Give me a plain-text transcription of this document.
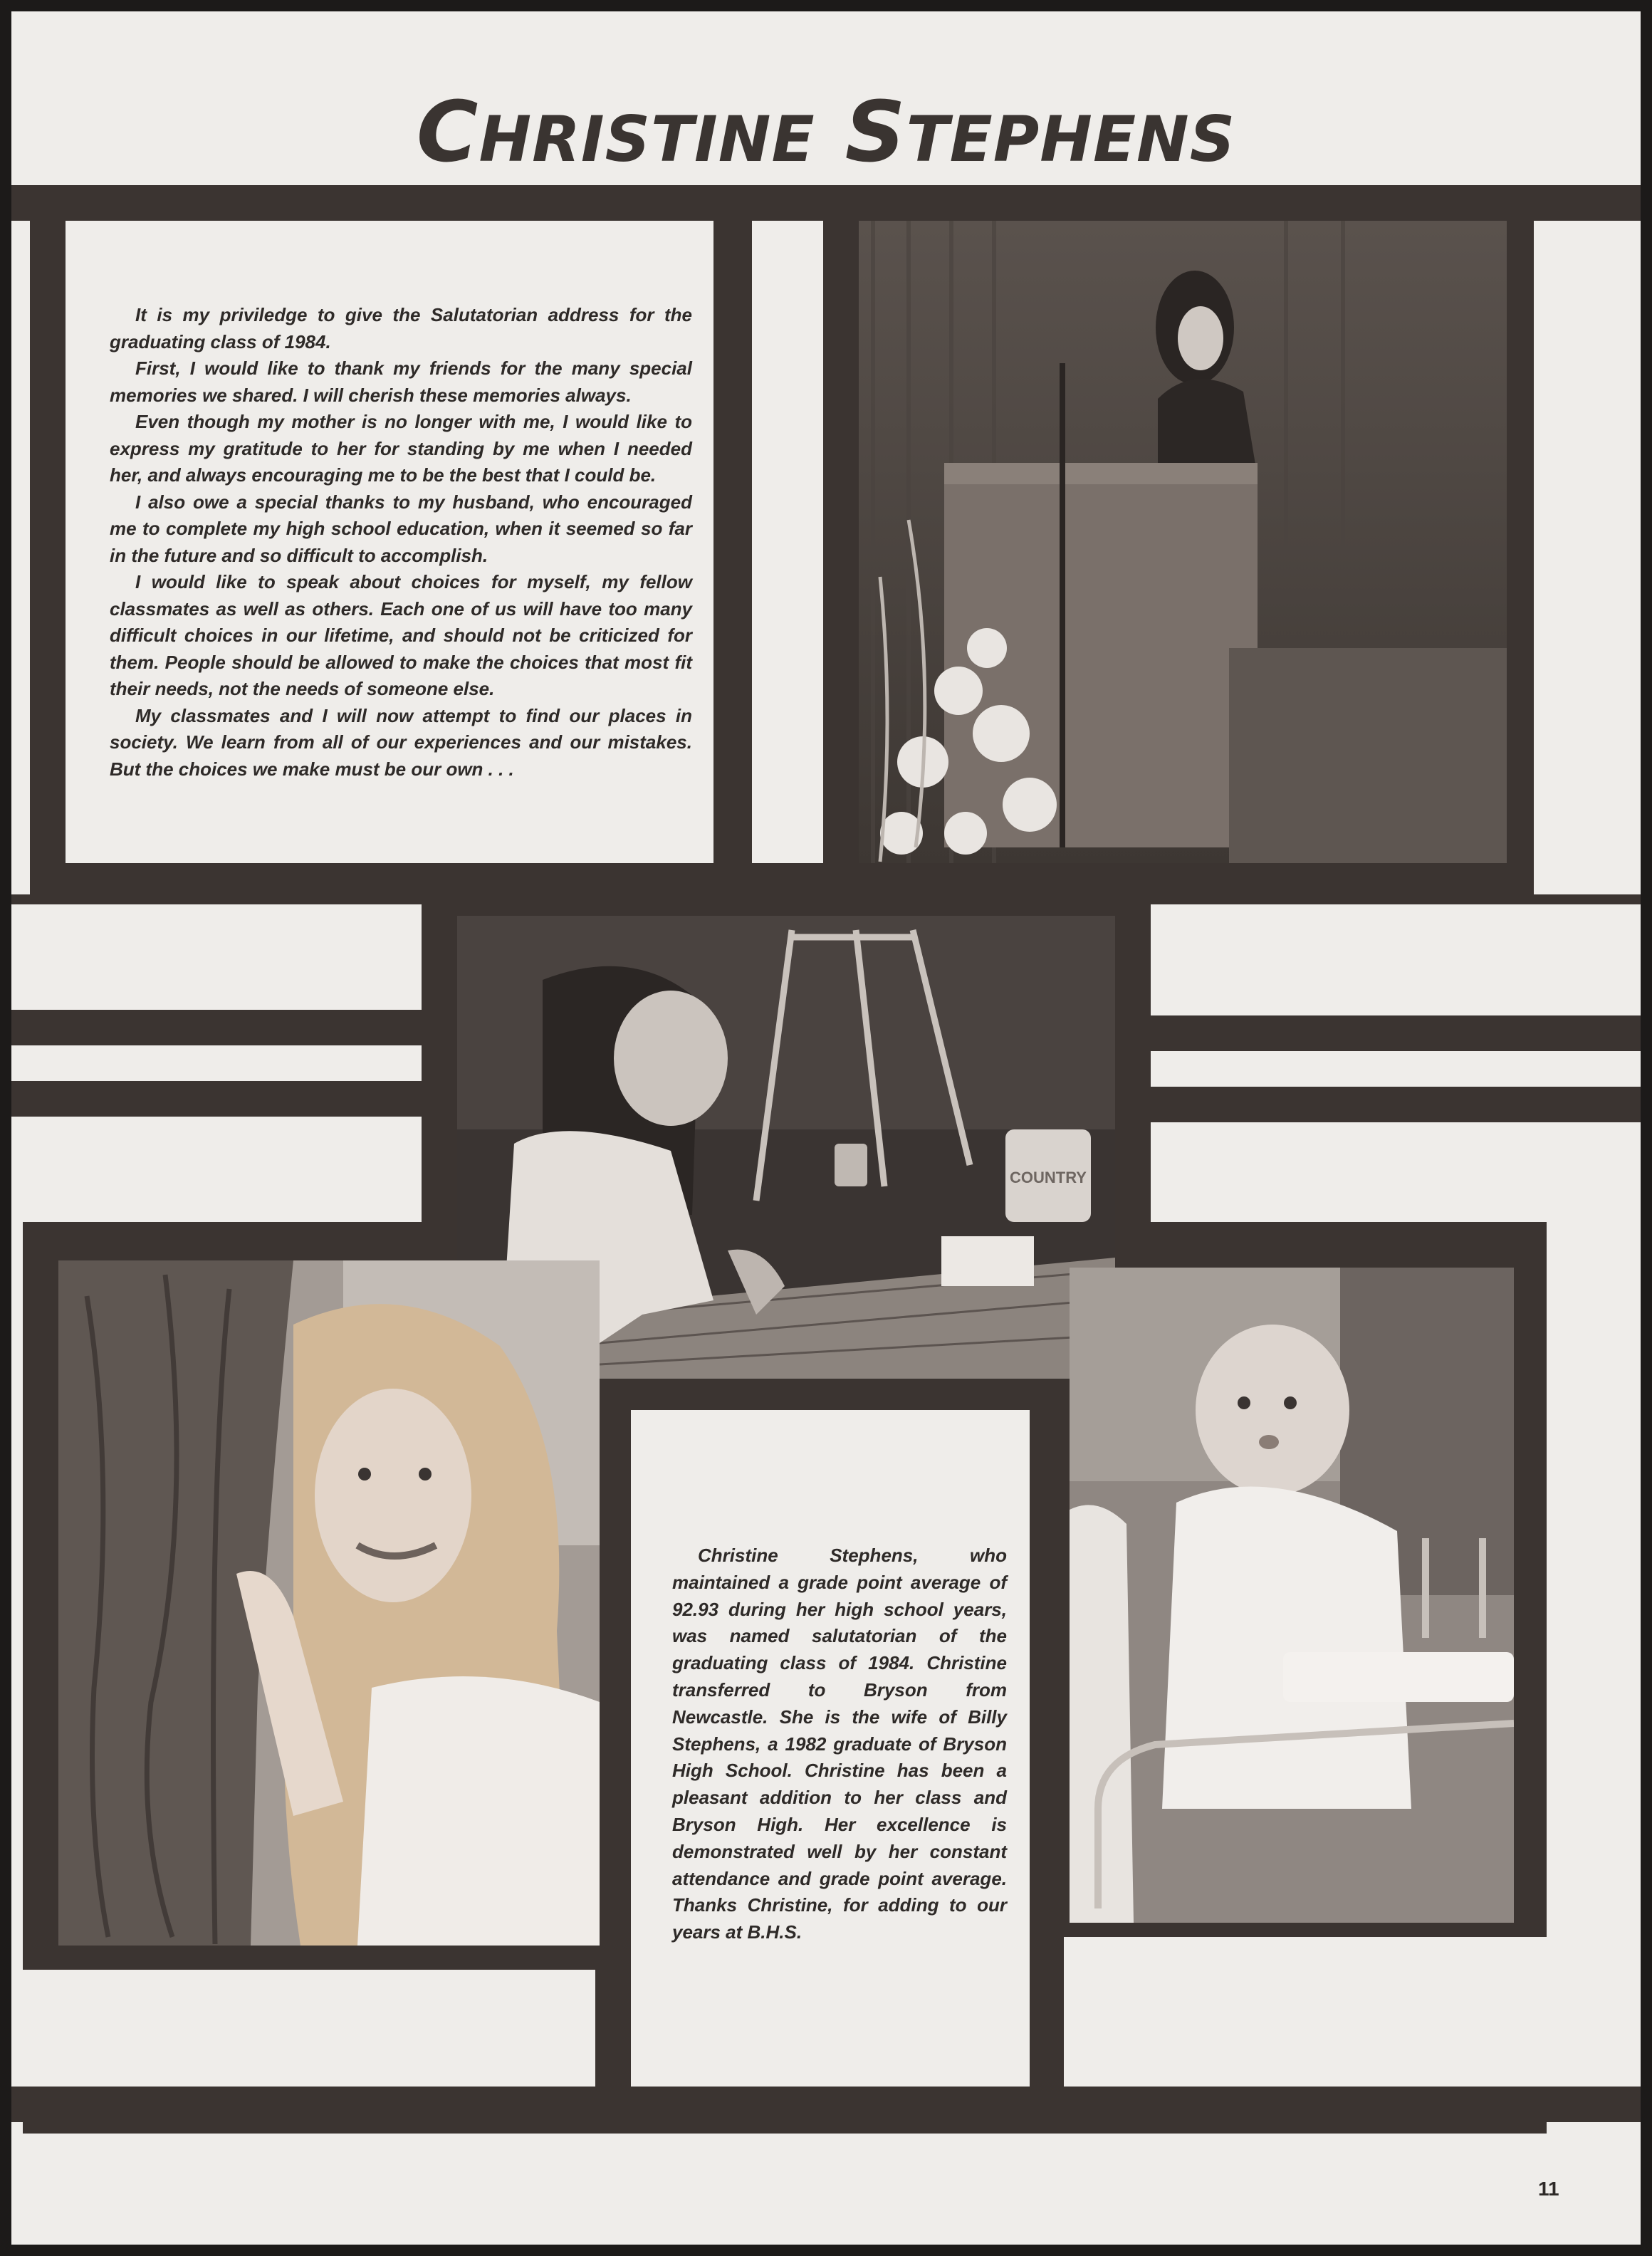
CHRISTINE STEPHENS
COUNTRY

It is my priviledge to give the Salutatorian address for the graduating class of 1984.

First, I would like to thank my friends for the many special memories we shared. I will cherish these memories always.

Even though my mother is no longer with me, I would like to express my gratitude to her for standing by me when I needed her, and always encouraging me to be the best that I could be.

I also owe a special thanks to my husband, who encouraged me to complete my high school education, when it seemed so far in the future and so difficult to accomplish.

I would like to speak about choices for myself, my fellow classmates as well as others. Each one of us will have too many difficult choices in our lifetime, and should not be criticized for them. People should be allowed to make the choices that most fit their needs, not the needs of someone else.

My classmates and I will now attempt to find our places in society. We learn from all of our experiences and our mistakes. But the choices we make must be our own . . .

Christine Stephens, who maintained a grade point average of 92.93 during her high school years, was named salutatorian of the graduating class of 1984. Christine transferred to Bryson from Newcastle. She is the wife of Billy Stephens, a 1982 graduate of Bryson High School. Christine has been a pleasant addition to her class and Bryson High. Her excellence is demonstrated well by her constant attendance and grade point average. Thanks Christine, for adding to our years at B.H.S.

11
